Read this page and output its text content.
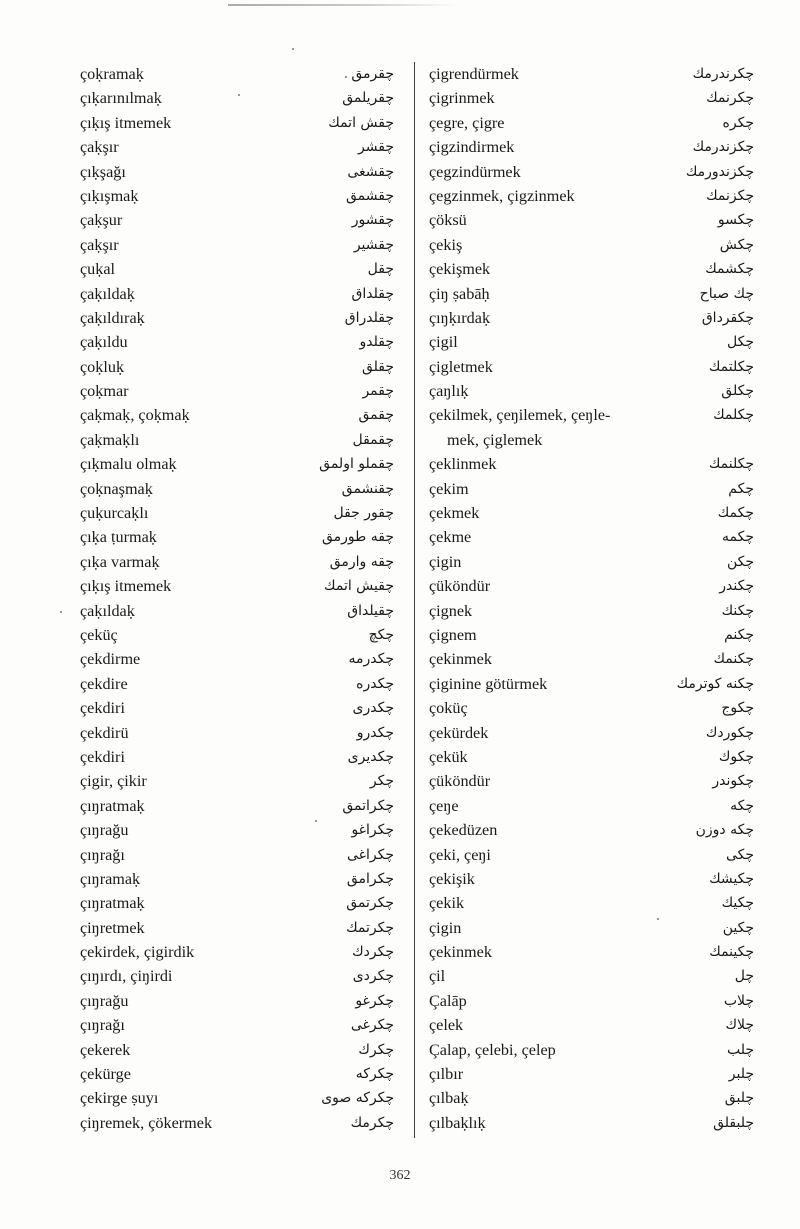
çoḳramaḳ	چقرمق
çıḳarınılmaḳ	چقریلمق
çıḳış itmemek	چقش اتمك
çaḳşır	چقشر
çıḳşağı	چقشغی
çıḳışmaḳ	چقشمق
çaḳşur	چقشور
çaḳşır	چقشیر
çuḳal	چقل
çaḳıldaḳ	چقلداق
çaḳıldıraḳ	چقلدراق
çaḳıldu	چقلدو
çoḳluḳ	چقلق
çoḳmar	چقمر
çaḳmaḳ, çoḳmaḳ	چقمق
çaḳmaḳlı	چقمقل
çıḳmalu olmaḳ	چقملو اولمق
çoḳnaşmaḳ	چقنشمق
çuḳurcaḳlı	چقور جقل
çıḳa ṭurmaḳ	چقه طورمق
çıḳa varmaḳ	چقه وارمق
çıḳış itmemek	چقیش اتمك
çaḳıldaḳ	چقیلداق
çeküç	چكچ
çekdirme	چكدرمه
çekdire	چكدره
çekdiri	چكدری
çekdirü	چكدرو
çekdiri	چكدیری
çigir, çikir	چكر
çıŋratmaḳ	چكراتمق
çıŋrağu	چكراغو
çıŋrağı	چكراغی
çıŋramaḳ	چكرامق
çıŋratmaḳ	چكرتمق
çiŋretmek	چكرتمك
çekirdek, çigirdik	چكردك
çıŋırdı, çiŋirdi	چكردی
çıŋrağu	چكرغو
çıŋrağı	چكرغی
çekerek	چكرك
çekürge	چكركه
çekirge ṣuyı	چكركه صوی
çiŋremek, çökermek	چكرمك
çigrendürmek	چكرندرمك
çigrinmek	چكرنمك
çegre, çigre	چكره
çigzindirmek	چكزندرمك
çegzindürmek	چكزندورمك
çegzinmek, çigzinmek	چكزنمك
çöksü	چكسو
çekiş	چكش
çekişmek	چكشمك
çiŋ ṣabāḥ	چك صباح
çıŋḳırdaḳ	چكقرداق
çigil	چكل
çigletmek	چكلتمك
çaŋlıḳ	چكلق
çekilmek, çeŋilemek, çeŋle-	چكلمك
mek, çiglemek
çeklinmek	چكلنمك
çekim	چكم
çekmek	چكمك
çekme	چكمه
çigin	چكن
çüköndür	چكندر
çignek	چكنك
çignem	چكنم
çekinmek	چكنمك
çiginine götürmek	چكنه كوترمك
çoküç	چكوج
çekürdek	چكوردك
çekük	چكوك
çüköndür	چكوندر
çeŋe	چكه
çekedüzen	چكه دوزن
çeki, çeŋi	چكی
çekişik	چكیشك
çekik	چكیك
çigin	چكین
çekinmek	چكینمك
çil	چل
Çalāp	چلاب
çelek	چلاك
Çalap, çelebi, çelep	چلب
çılbır	چلبر
çılbaḳ	چلبق
çılbaḳlıḳ	چلبقلق
362
